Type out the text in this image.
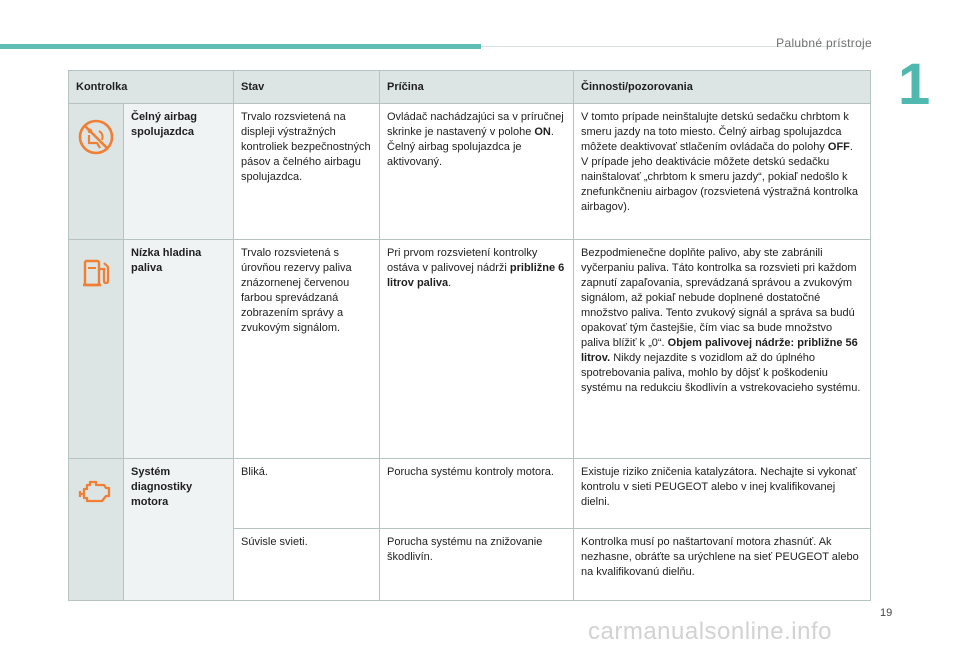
Palubné prístroje
1
Kontrolka		Stav	Príčina	Činnosti/pozorovania
	Čelný airbag spolujazdca	Trvalo rozsvietená na displeji výstražných kontroliek bezpečnostných pásov a čelného airbagu spolujazdca.	Ovládač nachádzajúci sa v príručnej skrinke je nastavený v polohe ON. Čelný airbag spolujazdca je aktivovaný.	V tomto prípade neinštalujte detskú sedačku chrbtom k smeru jazdy na toto miesto. Čelný airbag spolujazdca môžete deaktivovať stlačením ovládača do polohy OFF. V prípade jeho deaktivácie môžete detskú sedačku nainštalovať „chrbtom k smeru jazdy“, pokiaľ nedošlo k znefunkčneniu airbagov (rozsvietená výstražná kontrolka airbagov).
	Nízka hladina paliva	Trvalo rozsvietená s úrovňou rezervy paliva znázornenej červenou farbou sprevádzaná zobrazením správy a zvukovým signálom.	Pri prvom rozsvietení kontrolky ostáva v palivovej nádrži približne 6 litrov paliva.	Bezpodmienečne doplňte palivo, aby ste zabránili vyčerpaniu paliva. Táto kontrolka sa rozsvieti pri každom zapnutí zapaľovania, sprevádzaná správou a zvukovým signálom, až pokiaľ nebude doplnené dostatočné množstvo paliva. Tento zvukový signál a správa sa budú opakovať tým častejšie, čím viac sa bude množstvo paliva blížiť k „0“. Objem palivovej nádrže: približne 56 litrov. Nikdy nejazdite s vozidlom až do úplného spotrebovania paliva, mohlo by dôjsť k poškodeniu systému na redukciu škodlivín a vstrekovacieho systému.
	Systém diagnostiky motora	Bliká.	Porucha systému kontroly motora.	Existuje riziko zničenia katalyzátora. Nechajte si vykonať kontrolu v sieti PEUGEOT alebo v inej kvalifikovanej dielni.
		Súvisle svieti.	Porucha systému na znižovanie škodlivín.	Kontrolka musí po naštartovaní motora zhasnúť. Ak nezhasne, obráťte sa urýchlene na sieť PEUGEOT alebo na kvalifikovanú dielňu.
19
carmanualsonline.info
